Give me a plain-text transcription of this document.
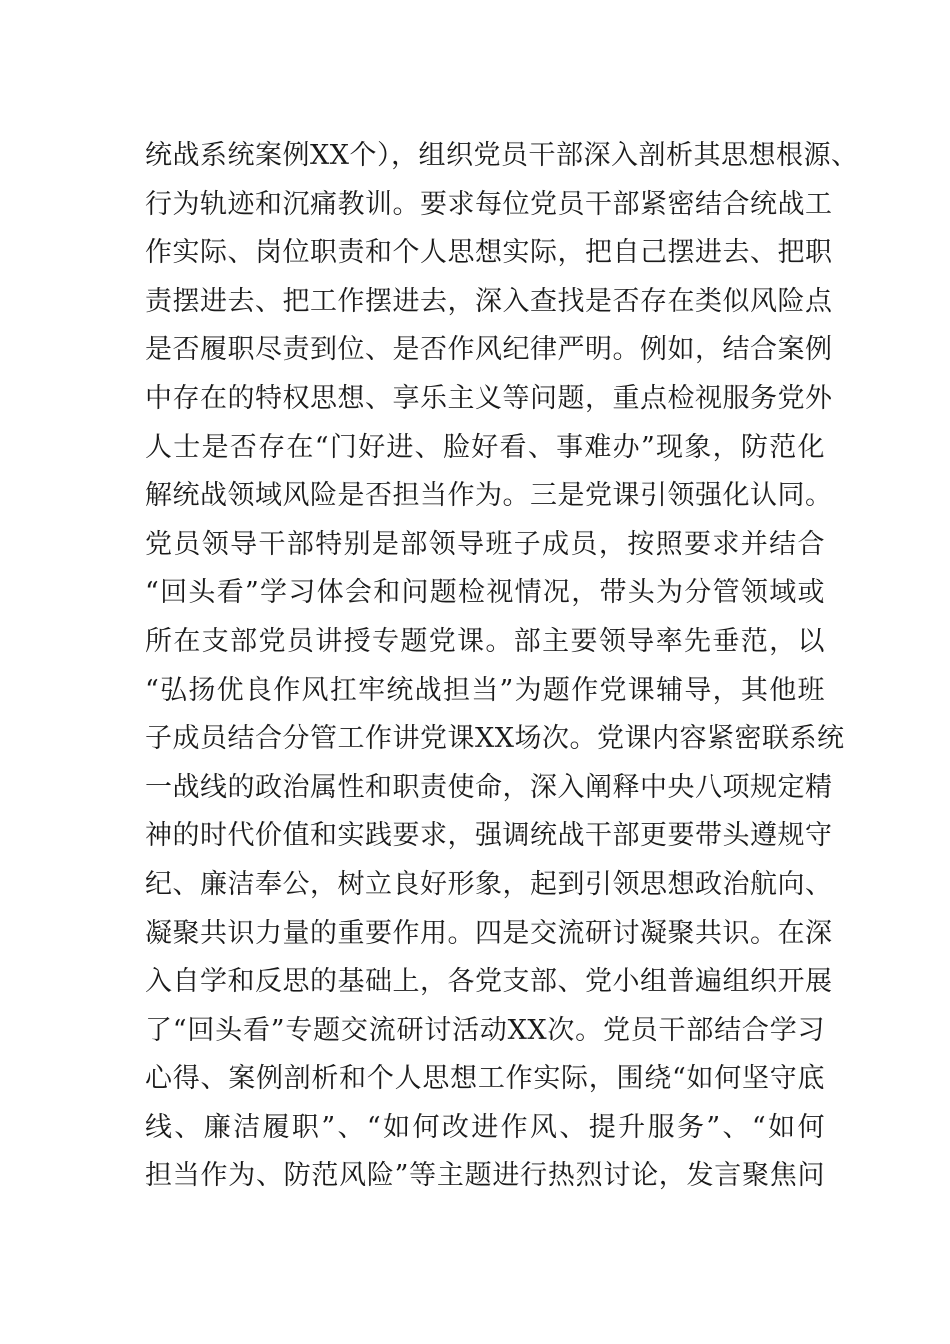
统战系统案例XX个），组织党员干部深入剖析其思想根源、
行为轨迹和沉痛教训。要求每位党员干部紧密结合统战工
作实际、岗位职责和个人思想实际，把自己摆进去、把职
责摆进去、把工作摆进去，深入查找是否存在类似风险点
是否履职尽责到位、是否作风纪律严明。例如，结合案例
中存在的特权思想、享乐主义等问题，重点检视服务党外
人士是否存在“门好进、脸好看、事难办”现象，防范化
解统战领域风险是否担当作为。三是党课引领强化认同。
党员领导干部特别是部领导班子成员，按照要求并结合
“回头看”学习体会和问题检视情况，带头为分管领域或
所在支部党员讲授专题党课。部主要领导率先垂范，以
“弘扬优良作风扛牢统战担当”为题作党课辅导，其他班
子成员结合分管工作讲党课XX场次。党课内容紧密联系统
一战线的政治属性和职责使命，深入阐释中央八项规定精
神的时代价值和实践要求，强调统战干部更要带头遵规守
纪、廉洁奉公，树立良好形象，起到引领思想政治航向、
凝聚共识力量的重要作用。四是交流研讨凝聚共识。在深
入自学和反思的基础上，各党支部、党小组普遍组织开展
了“回头看”专题交流研讨活动XX次。党员干部结合学习
心得、案例剖析和个人思想工作实际，围绕“如何坚守底
线、廉洁履职”、“如何改进作风、提升服务”、“如何
担当作为、防范风险”等主题进行热烈讨论，发言聚焦问
